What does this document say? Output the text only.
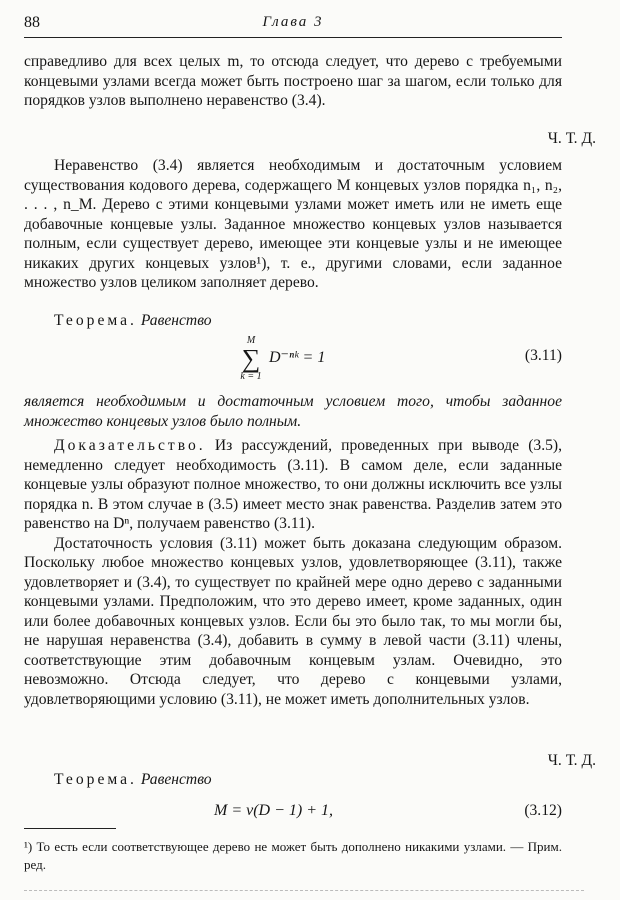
88	Глава 3

справедливо для всех целых m, то отсюда следует, что дерево с требуемыми концевыми узлами всегда может быть построено шаг за шагом, если только для порядков узлов выполнено неравенство (3.4).

Ч. Т. Д.

Неравенство (3.4) является необходимым и достаточным условием существования кодового дерева, содержащего M концевых узлов порядка n₁, n₂, . . . , n_M. Дерево с этими концевыми узлами может иметь или не иметь еще добавочные концевые узлы. Заданное множество концевых узлов называется полным, если существует дерево, имеющее эти концевые узлы и не имеющее никаких других концевых узлов¹), т. е., другими словами, если заданное множество узлов целиком заполняет дерево.

Теорема. Равенство

M
∑
k = 1
D⁻ⁿᵏ = 1	(3.11)

является необходимым и достаточным условием того, чтобы заданное множество концевых узлов было полным.

Доказательство. Из рассуждений, проведенных при выводе (3.5), немедленно следует необходимость (3.11). В самом деле, если заданные концевые узлы образуют полное множество, то они должны исключить все узлы порядка n. В этом случае в (3.5) имеет место знак равенства. Разделив затем это равенство на Dⁿ, получаем равенство (3.11).

Достаточность условия (3.11) может быть доказана следующим образом. Поскольку любое множество концевых узлов, удовлетворяющее (3.11), также удовлетворяет и (3.4), то существует по крайней мере одно дерево с заданными концевыми узлами. Предположим, что это дерево имеет, кроме заданных, один или более добавочных концевых узлов. Если бы это было так, то мы могли бы, не нарушая неравенства (3.4), добавить в сумму в левой части (3.11) члены, соответствующие этим добавочным концевым узлам. Очевидно, это невозможно. Отсюда следует, что дерево с концевыми узлами, удовлетворяющими условию (3.11), не может иметь дополнительных узлов.

Ч. Т. Д.

Теорема. Равенство

M = ν(D − 1) + 1,	(3.12)
¹) То есть если соответствующее дерево не может быть дополнено никакими узлами. — Прим. ред.
